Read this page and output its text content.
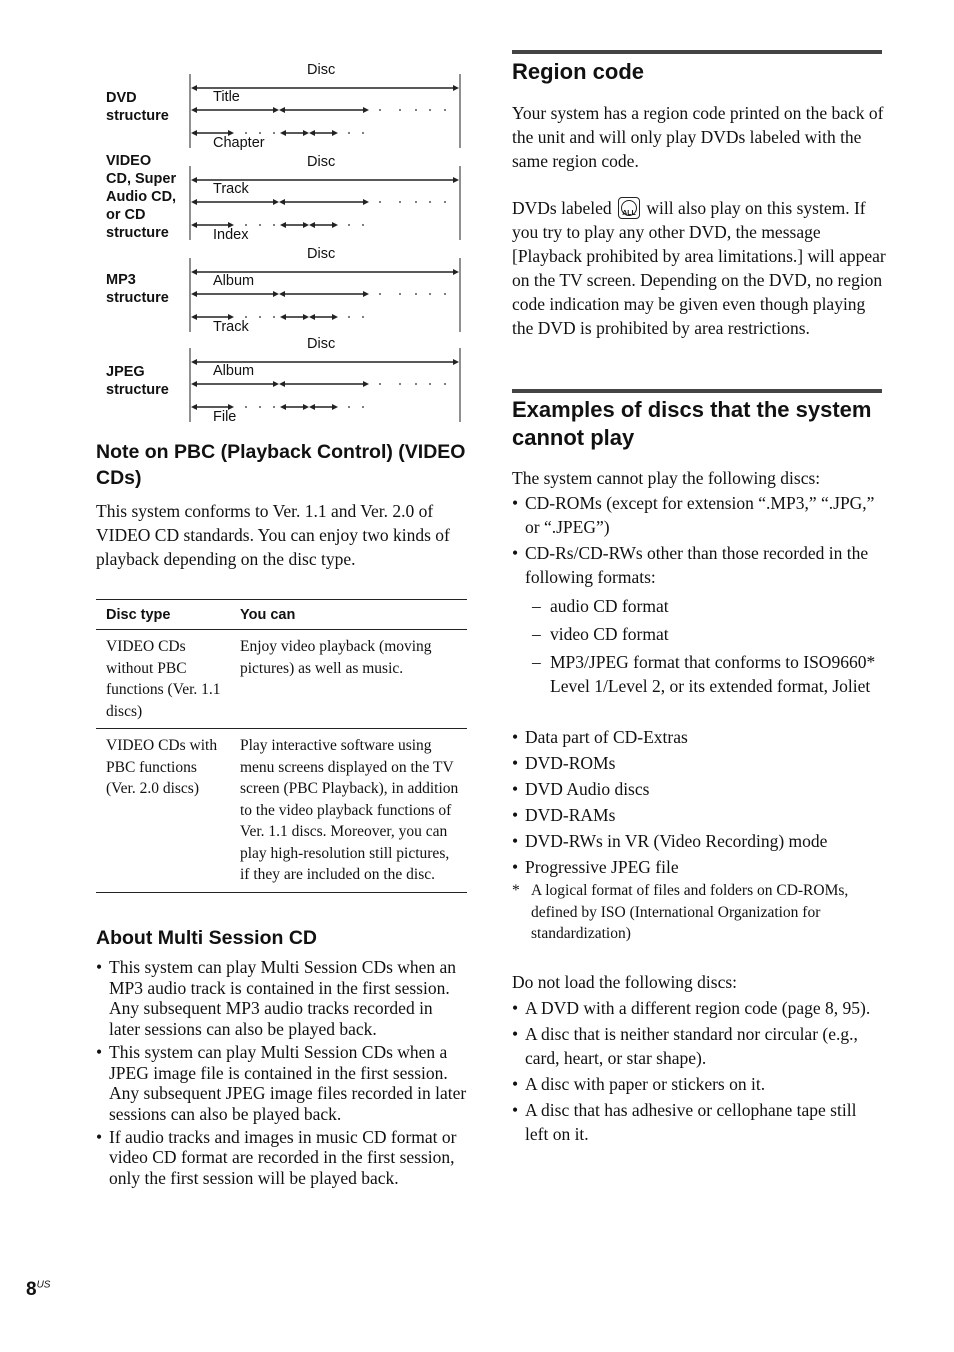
DVD
structure
Disc
Title
Chapter
VIDEO
CD, Super
Audio CD,
or CD
structure
Disc
Track
Index
MP3
structure
Disc
Album
Track
JPEG
structure
Disc
Album
File
Note on PBC (Playback Control) (VIDEO CDs)

This system conforms to Ver. 1.1 and Ver. 2.0 of VIDEO CD standards. You can enjoy two kinds of playback depending on the disc type.

Disc type	You can
VIDEO CDs without PBC functions (Ver. 1.1 discs)	Enjoy video playback (moving pictures) as well as music.
VIDEO CDs with PBC functions (Ver. 2.0 discs)	Play interactive software using menu screens displayed on the TV screen (PBC Playback), in addition to the video playback functions of Ver. 1.1 discs. Moreover, you can play high-resolution still pictures, if they are included on the disc.
About Multi Session CD
• This system can play Multi Session CDs when an MP3 audio track is contained in the first session. Any subsequent MP3 audio tracks recorded in later sessions can also be played back.
• This system can play Multi Session CDs when a JPEG image file is contained in the first session. Any subsequent JPEG image files recorded in later sessions can also be played back.
• If audio tracks and images in music CD format or video CD format are recorded in the first session, only the first session will be played back.
$8^{US}$
Region code

Your system has a region code printed on the back of the unit and will only play DVDs labeled with the same region code.

DVDs labeled	ALL will also play on this system. If you try to play any other DVD, the message [Playback prohibited by area limitations.] will appear on the TV screen. Depending on the DVD, no region code indication may be given even though playing the DVD is prohibited by area restrictions.

Examples of discs that the system cannot play

The system cannot play the following discs:

• CD-ROMs (except for extension “.MP3,” “.JPG,” or “.JPEG”)
• CD-Rs/CD-RWs other than those recorded in the following formats:
– audio CD format
– video CD format
– MP3/JPEG format that conforms to ISO9660* Level 1/Level 2, or its extended format, Joliet
• Data part of CD-Extras
• DVD-ROMs
• DVD Audio discs
• DVD-RAMs
• DVD-RWs in VR (Video Recording) mode
• Progressive JPEG file
* A logical format of files and folders on CD-ROMs, defined by ISO (International Organization for standardization)

Do not load the following discs:

• A DVD with a different region code (page 8, 95).
• A disc that is neither standard nor circular (e.g., card, heart, or star shape).
• A disc with paper or stickers on it.
• A disc that has adhesive or cellophane tape still left on it.
